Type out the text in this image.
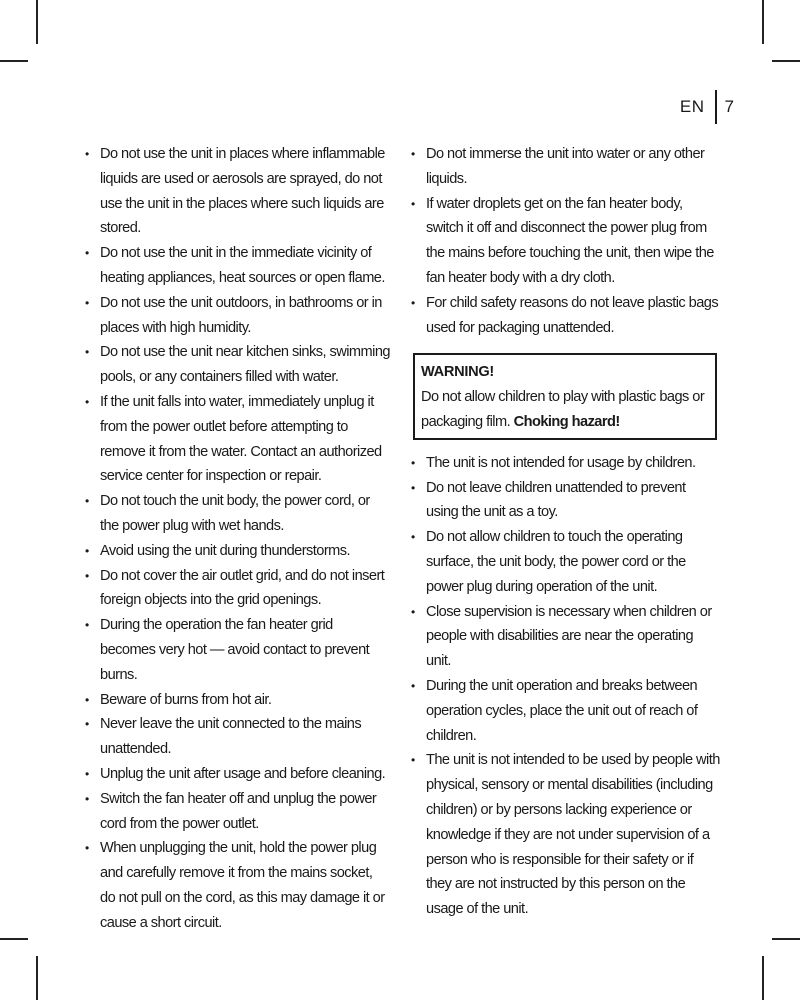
EN	7
• Do not use the unit in places where inflammable liquids are used or aerosols are sprayed, do not use the unit in the places where such liquids are stored.
• Do not use the unit in the immediate vicinity of heating appliances, heat sources or open flame.
• Do not use the unit outdoors, in bathrooms or in places with high humidity.
• Do not use the unit near kitchen sinks, swimming pools, or any containers filled with water.
• If the unit falls into water, immediately unplug it from the power outlet before attempting to remove it from the water. Contact an authorized service center for inspection or repair.
• Do not touch the unit body, the power cord, or the power plug with wet hands.
• Avoid using the unit during thunderstorms.
• Do not cover the air outlet grid, and do not insert foreign objects into the grid openings.
• During the operation the fan heater grid becomes very hot — avoid contact to prevent burns.
• Beware of burns from hot air.
• Never leave the unit connected to the mains unattended.
• Unplug the unit after usage and before cleaning.
• Switch the fan heater off and unplug the power cord from the power outlet.
• When unplugging the unit, hold the power plug and carefully remove it from the mains socket, do not pull on the cord, as this may damage it or cause a short circuit.
• Do not immerse the unit into water or any other liquids.
• If water droplets get on the fan heater body, switch it off and disconnect the power plug from the mains before touching the unit, then wipe the fan heater body with a dry cloth.
• For child safety reasons do not leave plastic bags used for packaging unattended.
WARNING!
Do not allow children to play with plastic bags or packaging film. Choking hazard!
• The unit is not intended for usage by children.
• Do not leave children unattended to prevent using the unit as a toy.
• Do not allow children to touch the operating surface, the unit body, the power cord or the power plug during operation of the unit.
• Close supervision is necessary when children or people with disabilities are near the operating unit.
• During the unit operation and breaks between operation cycles, place the unit out of reach of children.
• The unit is not intended to be used by people with physical, sensory or mental disabilities (including children) or by persons lacking experience or knowledge if they are not under supervision of a person who is responsible for their safety or if they are not instructed by this person on the usage of the unit.
